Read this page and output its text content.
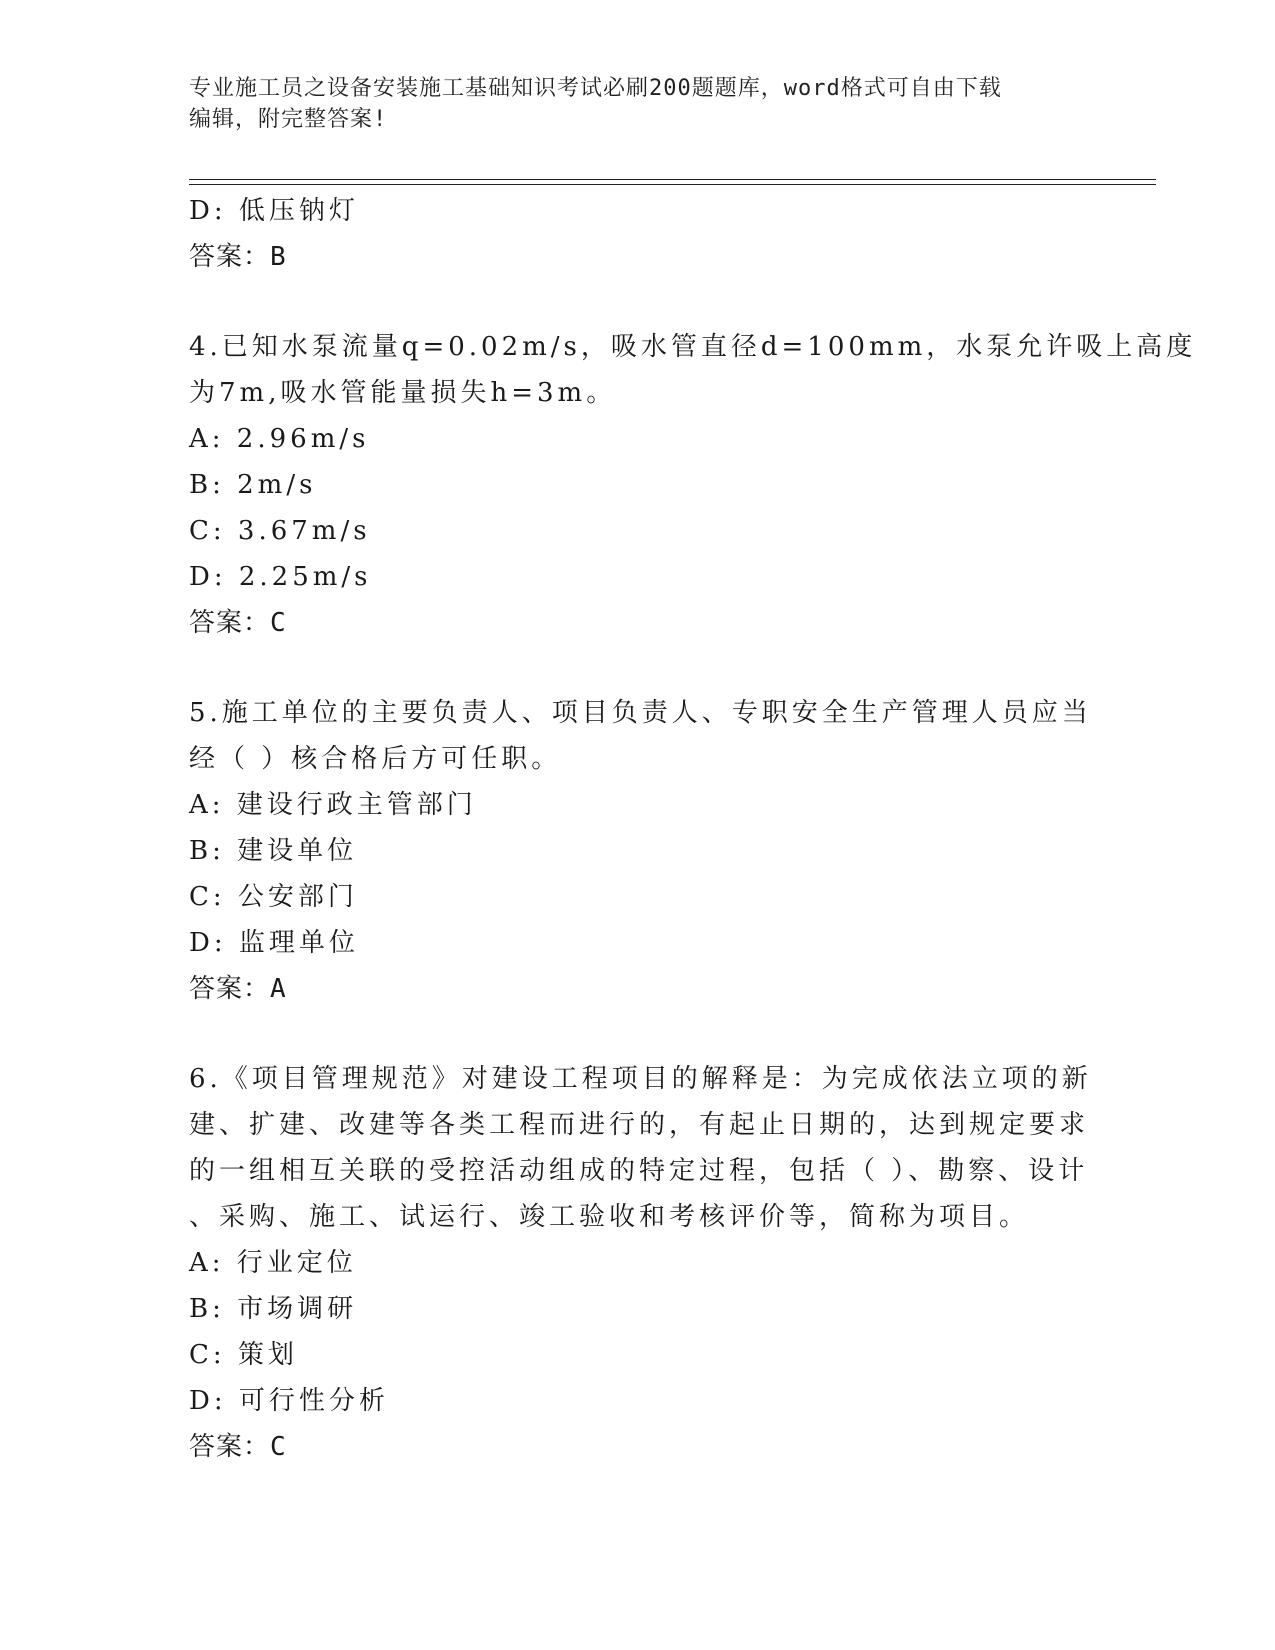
专业施工员之设备安装施工基础知识考试必刷200题题库，word格式可自由下载
编辑，附完整答案!
D: 低压钠灯
答案：B
4.已知水泵流量q=0.02m/s，吸水管直径d=100mm，水泵允许吸上高度
为7m,吸水管能量损失h=3m。
A: 2.96m/s
B: 2m/s
C: 3.67m/s
D: 2.25m/s
答案：C
5.施工单位的主要负责人、项目负责人、专职安全生产管理人员应当
经（ ）核合格后方可任职。
A: 建设行政主管部门
B: 建设单位
C: 公安部门
D: 监理单位
答案：A
6.《项目管理规范》对建设工程项目的解释是：为完成依法立项的新
建、扩建、改建等各类工程而进行的，有起止日期的，达到规定要求
的一组相互关联的受控活动组成的特定过程，包括（ ）、勘察、设计
、采购、施工、试运行、竣工验收和考核评价等，简称为项目。
A: 行业定位
B: 市场调研
C: 策划
D: 可行性分析
答案：C
